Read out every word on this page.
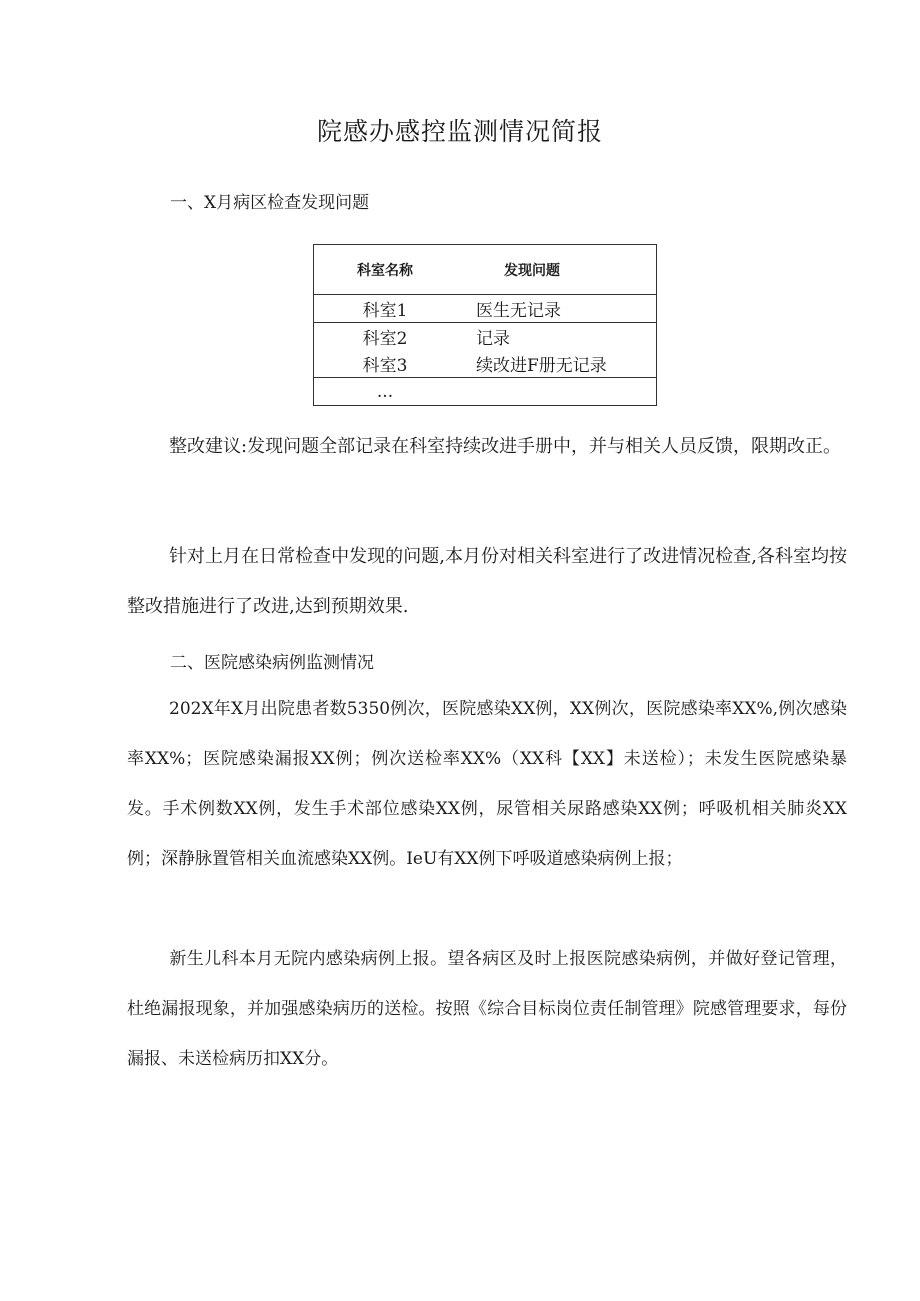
院感办感控监测情况简报
一、X月病区检查发现问题
科室名称	发现问题
科室1	医生无记录
科室2	记录
科室3	续改进F册无记录
...	

整改建议:发现问题全部记录在科室持续改进手册中，并与相关人员反馈，限期改正。

针对上月在日常检查中发现的问题,本月份对相关科室进行了改进情况检查,各科室均按整改措施进行了改进,达到预期效果.

二、医院感染病例监测情况

202X年X月出院患者数5350例次，医院感染XX例，XX例次，医院感染率XX%,例次感染率XX%；医院感染漏报XX例；例次送检率XX%（XX科【XX】未送检）；未发生医院感染暴发。手术例数XX例，发生手术部位感染XX例，尿管相关尿路感染XX例；呼吸机相关肺炎XX例；深静脉置管相关血流感染XX例。IeU有XX例下呼吸道感染病例上报；

新生儿科本月无院内感染病例上报。望各病区及时上报医院感染病例，并做好登记管理，杜绝漏报现象，并加强感染病历的送检。按照《综合目标岗位责任制管理》院感管理要求，每份漏报、未送检病历扣XX分。
